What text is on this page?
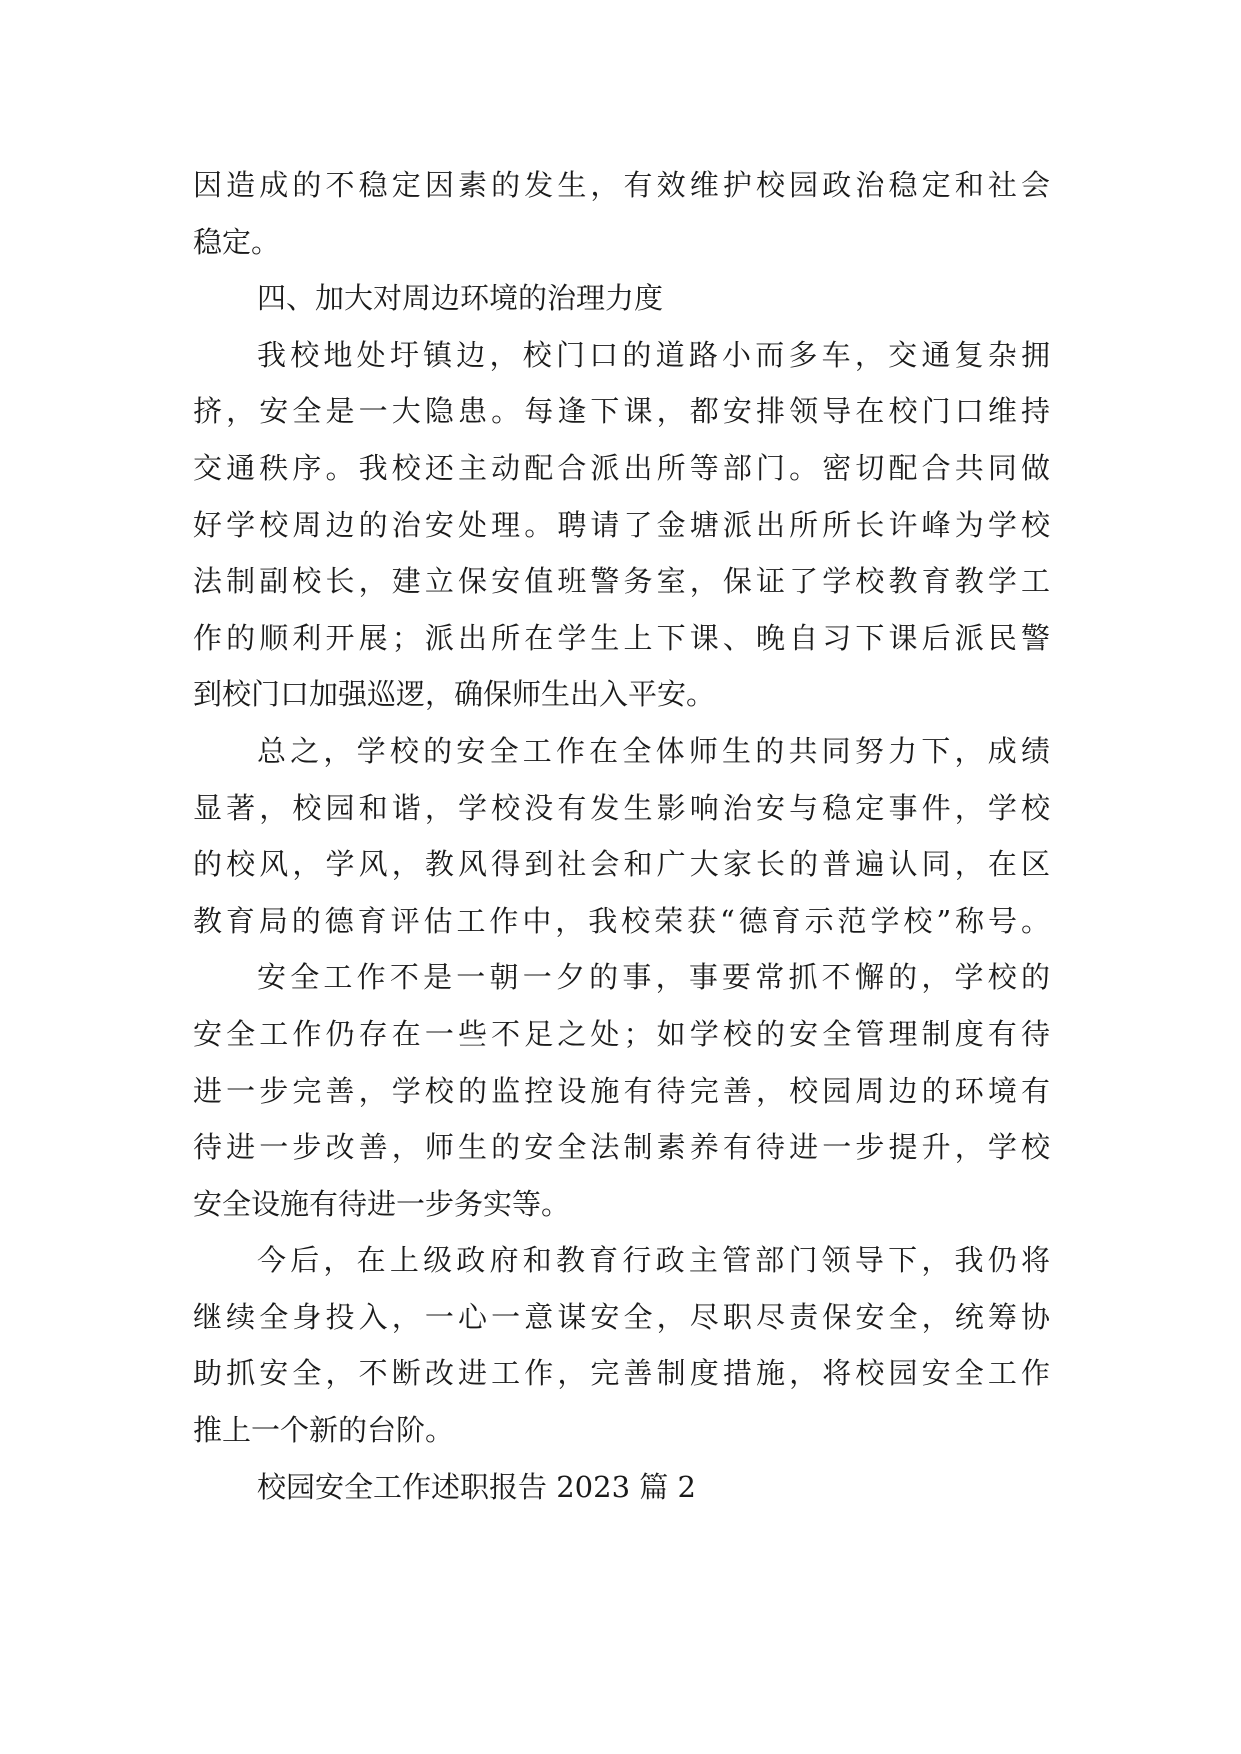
因造成的不稳定因素的发生，有效维护校园政治稳定和社会
稳定。
四、加大对周边环境的治理力度
我校地处圩镇边，校门口的道路小而多车，交通复杂拥
挤，安全是一大隐患。每逢下课，都安排领导在校门口维持
交通秩序。我校还主动配合派出所等部门。密切配合共同做
好学校周边的治安处理。聘请了金塘派出所所长许峰为学校
法制副校长，建立保安值班警务室，保证了学校教育教学工
作的顺利开展；派出所在学生上下课、晚自习下课后派民警
到校门口加强巡逻，确保师生出入平安。
总之，学校的安全工作在全体师生的共同努力下，成绩
显著，校园和谐，学校没有发生影响治安与稳定事件，学校
的校风，学风，教风得到社会和广大家长的普遍认同，在区
教育局的德育评估工作中，我校荣获“德育示范学校”称号。
安全工作不是一朝一夕的事，事要常抓不懈的，学校的
安全工作仍存在一些不足之处；如学校的安全管理制度有待
进一步完善，学校的监控设施有待完善，校园周边的环境有
待进一步改善，师生的安全法制素养有待进一步提升，学校
安全设施有待进一步务实等。
今后，在上级政府和教育行政主管部门领导下，我仍将
继续全身投入，一心一意谋安全，尽职尽责保安全，统筹协
助抓安全，不断改进工作，完善制度措施，将校园安全工作
推上一个新的台阶。
校园安全工作述职报告 2023 篇 2
